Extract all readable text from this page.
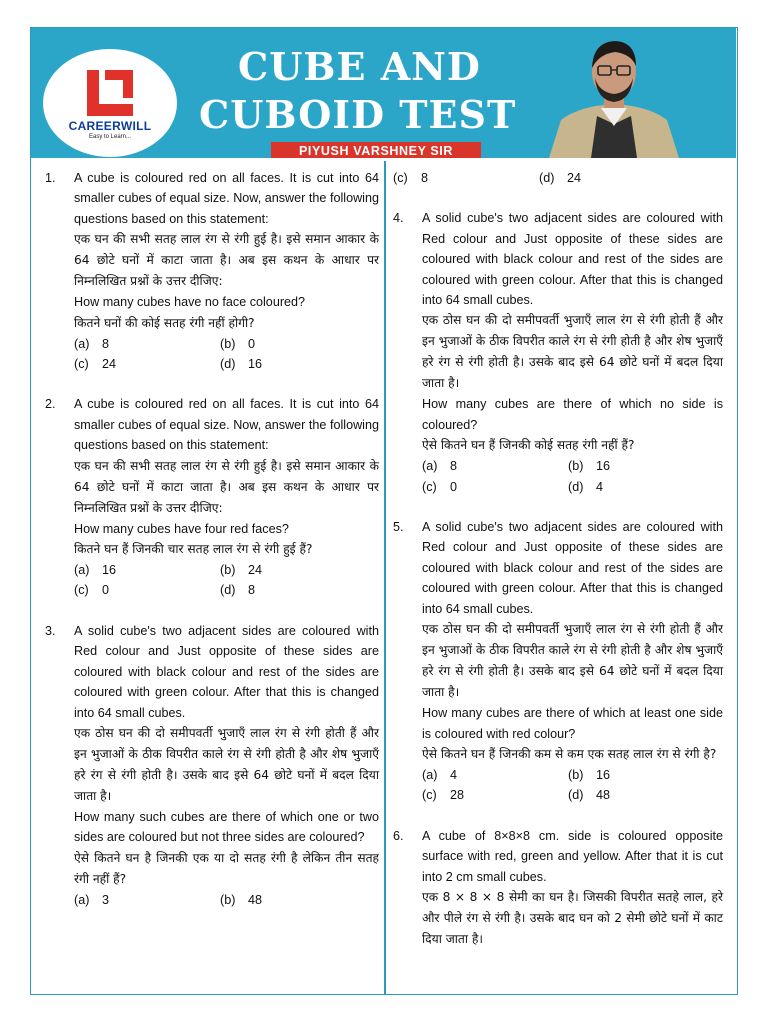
CAREERWILL
Easy to Learn...
CUBE AND
CUBOID TEST
PIYUSH VARSHNEY SIR
1. A cube is coloured red on all faces. It is cut into 64 smaller cubes of equal size. Now, answer the following questions based on this statement:

एक घन की सभी सतह लाल रंग से रंगी हुई है। इसे समान आकार के 64 छोटे घनों में काटा जाता है। अब इस कथन के आधार पर निम्नलिखित प्रश्नों के उत्तर दीजिए:

How many cubes have no face coloured?

कितने घनों की कोई सतह रंगी नहीं होगी?

(a) 8	(b) 0
(c)	24	(d) 16
2. A cube is coloured red on all faces. It is cut into 64 smaller cubes of equal size. Now, answer the following questions based on this statement:

एक घन की सभी सतह लाल रंग से रंगी हुई है। इसे समान आकार के 64 छोटे घनों में काटा जाता है। अब इस कथन के आधार पर निम्नलिखित प्रश्नों के उत्तर दीजिए:

How many cubes have four red faces?

कितने घन हैं जिनकी चार सतह लाल रंग से रंगी हुई हैं?

(a) 16	(b) 24
(c)	0	(d) 8
3. A solid cube's two adjacent sides are coloured with Red colour and Just opposite of these sides are coloured with black colour and rest of the sides are coloured with green colour. After that this is changed into 64 small cubes.

एक ठोस घन की दो समीपवर्ती भुजाएँ लाल रंग से रंगी होती हैं और इन भुजाओं के ठीक विपरीत काले रंग से रंगी होती है और शेष भुजाएँ हरे रंग से रंगी होती है। उसके बाद इसे 64 छोटे घनों में बदल दिया जाता है।

How many such cubes are there of which one or two sides are coloured but not three sides are coloured?

ऐसे कितने घन है जिनकी एक या दो सतह रंगी है लेकिन तीन सतह रंगी नहीं हैं?

(a) 3	(b) 48
(c)	8	(d) 24
4. A solid cube's two adjacent sides are coloured with Red colour and Just opposite of these sides are coloured with black colour and rest of the sides are coloured with green colour. After that this is changed into 64 small cubes.

एक ठोस घन की दो समीपवर्ती भुजाएँ लाल रंग से रंगी होती हैं और इन भुजाओं के ठीक विपरीत काले रंग से रंगी होती है और शेष भुजाएँ हरे रंग से रंगी होती है। उसके बाद इसे 64 छोटे घनों में बदल दिया जाता है।

How many cubes are there of which no side is coloured?

ऐसे कितने घन हैं जिनकी कोई सतह रंगी नहीं हैं?

(a) 8	(b) 16
(c)	0	(d) 4
5. A solid cube's two adjacent sides are coloured with Red colour and Just opposite of these sides are coloured with black colour and rest of the sides are coloured with green colour. After that this is changed into 64 small cubes.

एक ठोस घन की दो समीपवर्ती भुजाएँ लाल रंग से रंगी होती हैं और इन भुजाओं के ठीक विपरीत काले रंग से रंगी होती है और शेष भुजाएँ हरे रंग से रंगी होती है। उसके बाद इसे 64 छोटे घनों में बदल दिया जाता है।

How many cubes are there of which at least one side is coloured with red colour?

ऐसे कितने घन हैं जिनकी कम से कम एक सतह लाल रंग से रंगी है?

(a) 4	(b) 16
(c)	28	(d) 48
6. A cube of 8×8×8 cm. side is coloured opposite surface with red, green and yellow. After that it is cut into 2 cm small cubes.

एक 8 × 8 × 8 सेमी का घन है। जिसकी विपरीत सतहे लाल, हरे और पीले रंग से रंगी है। उसके बाद घन को 2 सेमी छोटे घनों में काट दिया जाता है।
